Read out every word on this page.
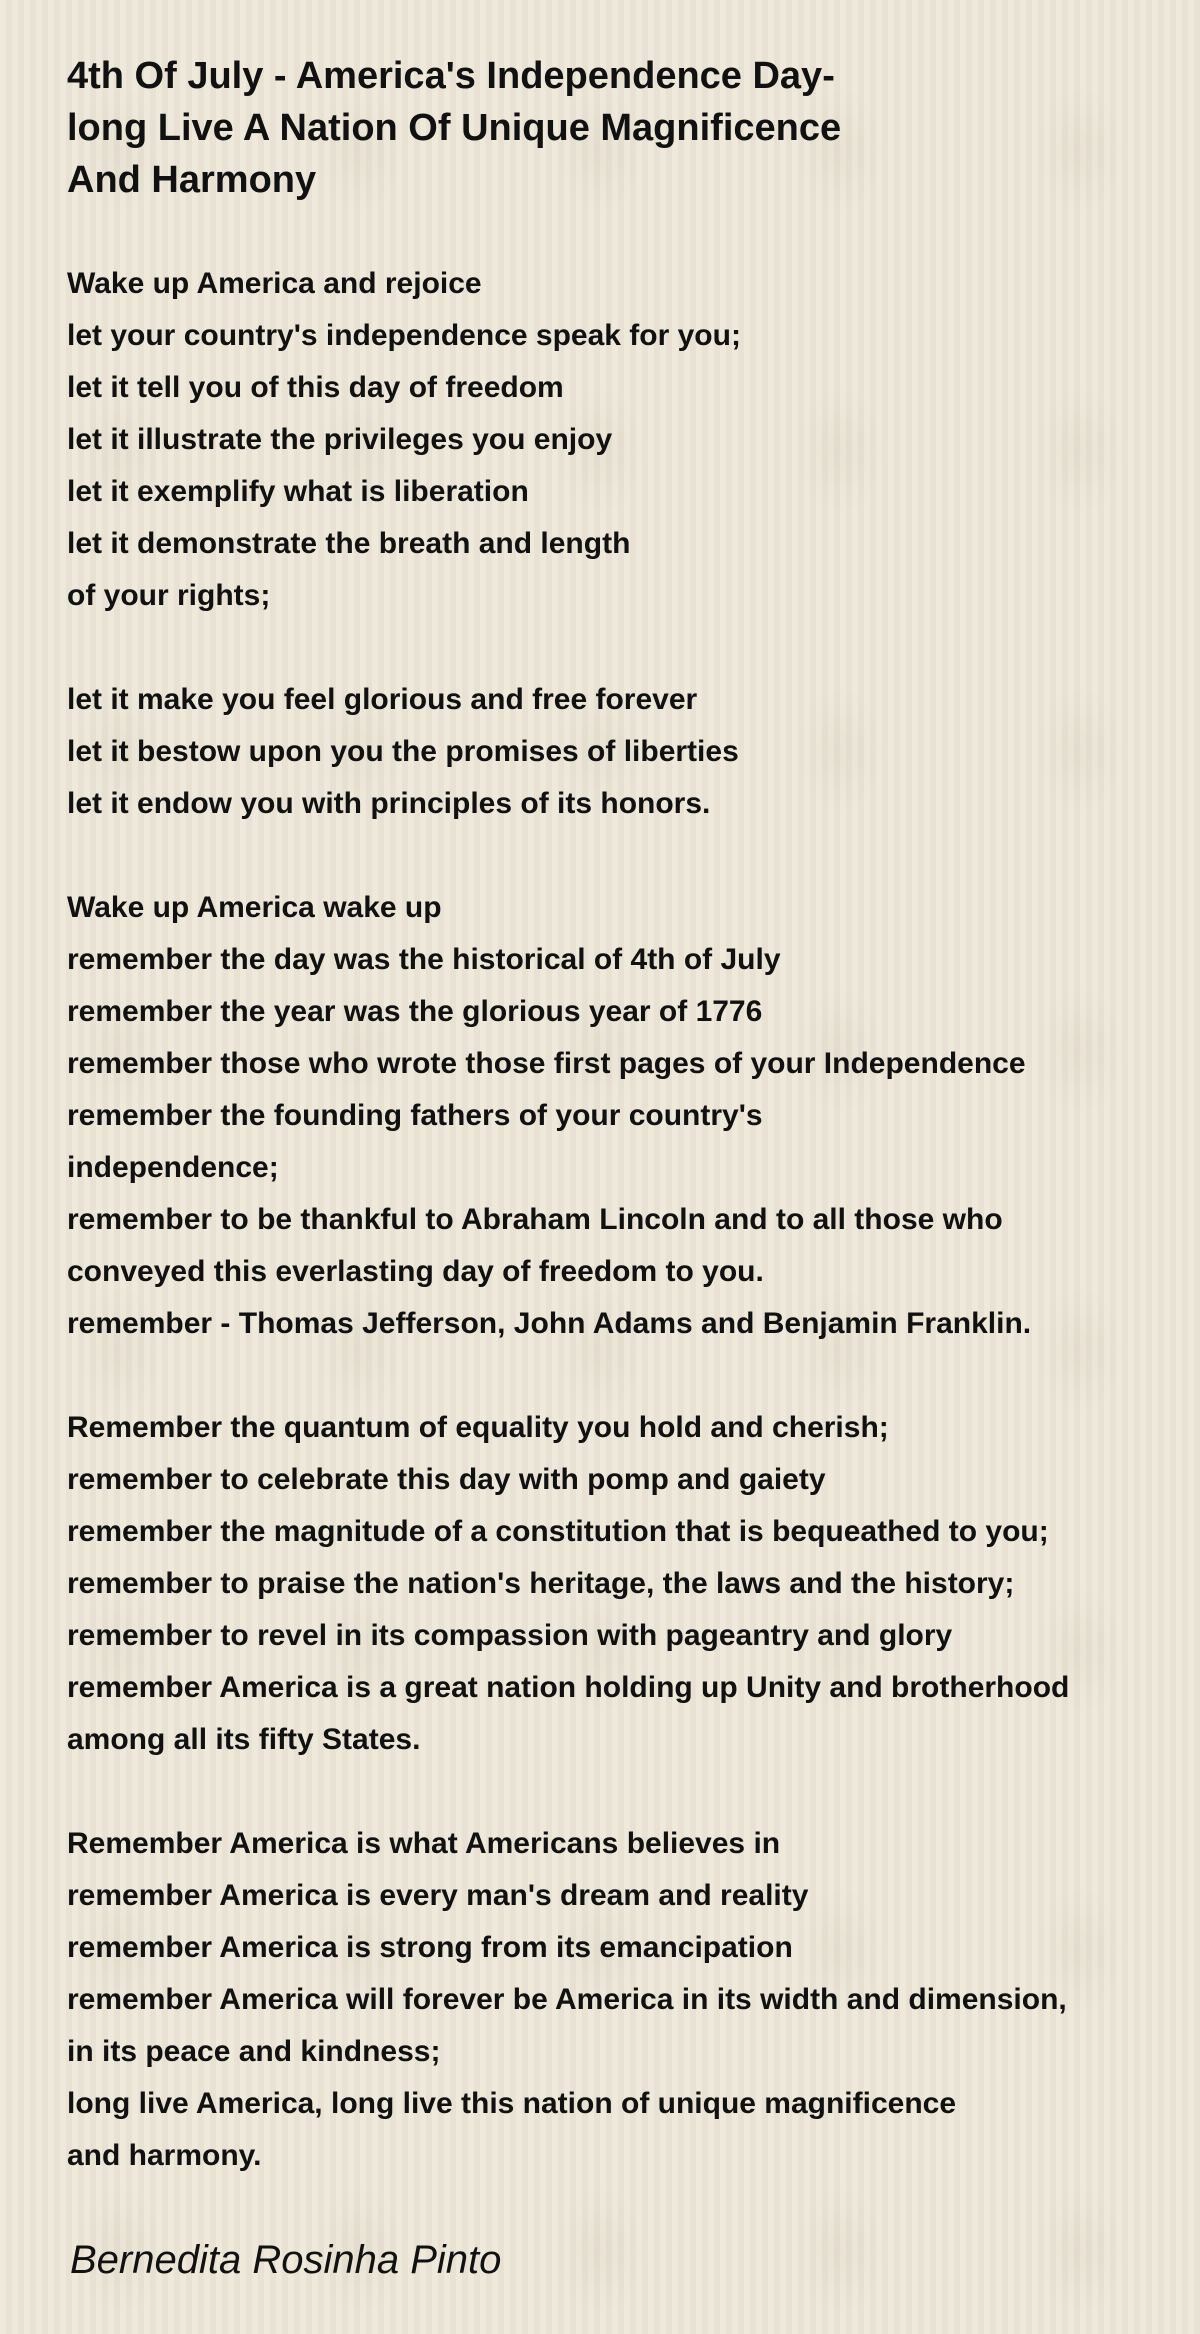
4th Of July - America's Independence Day-
long Live A Nation Of Unique Magnificence
And Harmony
Wake up America and rejoice
let your country's independence speak for you;
let it tell you of this day of freedom
let it illustrate the privileges you enjoy
let it exemplify what is liberation
let it demonstrate the breath and length
of your rights;
let it make you feel glorious and free forever
let it bestow upon you the promises of liberties
let it endow you with principles of its honors.
Wake up America wake up
remember the day was the historical of 4th of July
remember the year was the glorious year of 1776
remember those who wrote those first pages of your Independence
remember the founding fathers of your country's
independence;
remember to be thankful to Abraham Lincoln and to all those who
conveyed this everlasting day of freedom to you.
remember - Thomas Jefferson, John Adams and Benjamin Franklin.
Remember the quantum of equality you hold and cherish;
remember to celebrate this day with pomp and gaiety
remember the magnitude of a constitution that is bequeathed to you;
remember to praise the nation's heritage, the laws and the history;
remember to revel in its compassion with pageantry and glory
remember America is a great nation holding up Unity and brotherhood
among all its fifty States.
Remember America is what Americans believes in
remember America is every man's dream and reality
remember America is strong from its emancipation
remember America will forever be America in its width and dimension,
in its peace and kindness;
long live America, long live this nation of unique magnificence
and harmony.
Bernedita Rosinha Pinto
